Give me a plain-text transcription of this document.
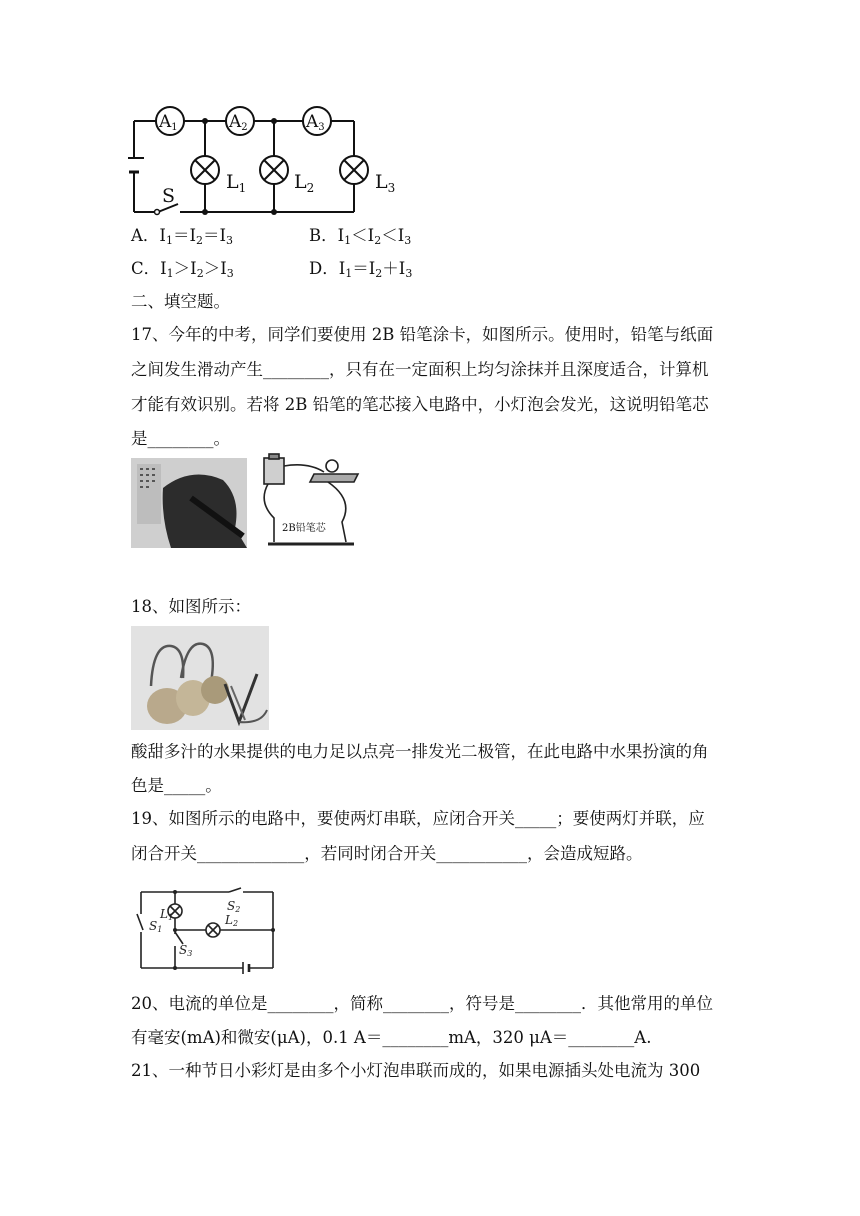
A1	A2	A3
$L_1$	$L_2$	$L_3$
S
A．$I_1=I_2=I_3$	B．$I_1<I_2<I_3$
C．$I_1>I_2>I_3$	D．$I_1=I_2+I_3$
二、填空题。
17、今年的中考，同学们要使用 2B 铅笔涂卡，如图所示。使用时，铅笔与纸面
之间发生滑动产生________，只有在一定面积上均匀涂抹并且深度适合，计算机
才能有效识别。若将 2B 铅笔的笔芯接入电路中，小灯泡会发光，这说明铅笔芯
是________。
2B铅笔芯
18、如图所示：
酸甜多汁的水果提供的电力足以点亮一排发光二极管，在此电路中水果扮演的角
色是_____。
19、如图所示的电路中，要使两灯串联，应闭合开关_____；要使两灯并联，应
闭合开关_____________，若同时闭合开关___________，会造成短路。
S2
S1
L1	L2
S3
20、电流的单位是________，简称________，符号是________．其他常用的单位
有毫安(mA)和微安(μA)，0.1 A＝________mA，320 μA＝________A.
21、一种节日小彩灯是由多个小灯泡串联而成的，如果电源插头处电流为 300
